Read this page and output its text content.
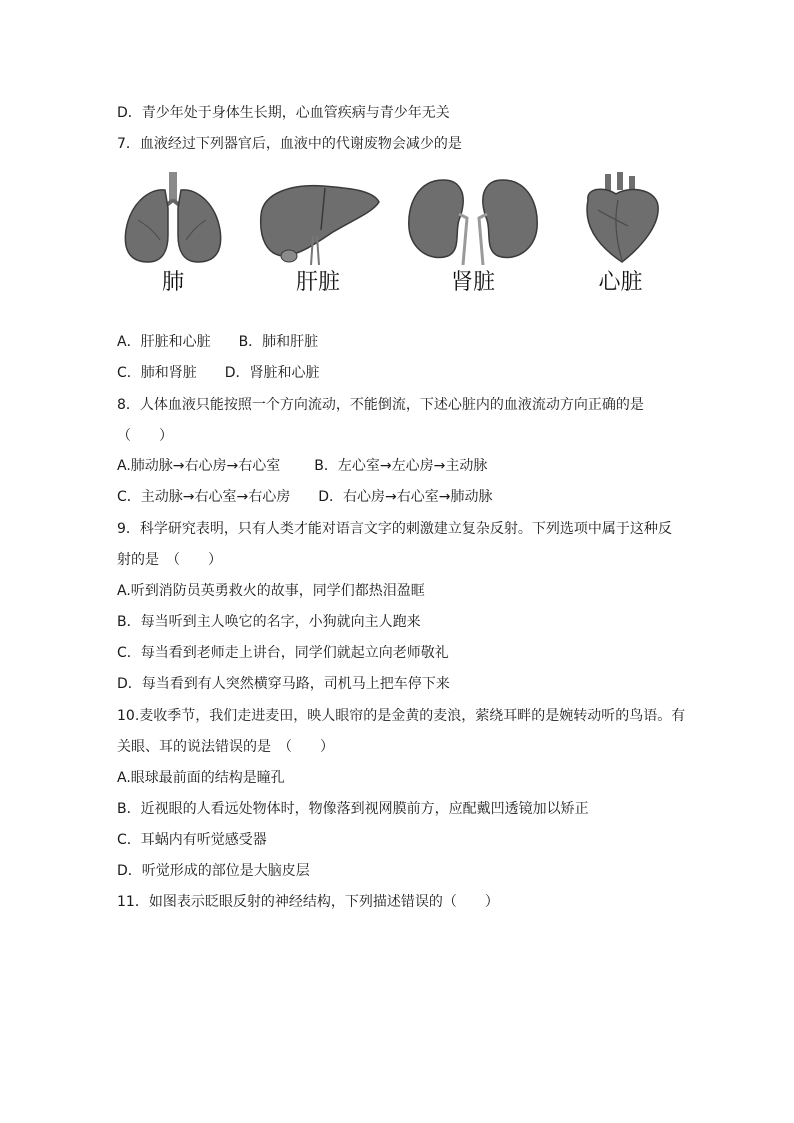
D．青少年处于身体生长期，心血管疾病与青少年无关
7．血液经过下列器官后，血液中的代谢废物会减少的是
肺	肝脏	肾脏	心脏
A．肝脏和心脏 B．肺和肝脏
C．肺和肾脏 D．肾脏和心脏
8．人体血液只能按照一个方向流动，不能倒流，下述心脏内的血液流动方向正确的是
（　　）
A.肺动脉→右心房→右心室 B．左心室→左心房→主动脉
C．主动脉→右心室→右心房 D．右心房→右心室→肺动脉
9．科学研究表明，只有人类才能对语言文字的刺激建立复杂反射。下列选项中属于这种反
射的是　（　　）
A.听到消防员英勇救火的故事，同学们都热泪盈眶
B．每当听到主人唤它的名字，小狗就向主人跑来
C．每当看到老师走上讲台，同学们就起立向老师敬礼
D．每当看到有人突然横穿马路，司机马上把车停下来
10.麦收季节，我们走进麦田，映人眼帘的是金黄的麦浪，萦绕耳畔的是婉转动听的鸟语。有
关眼、耳的说法错误的是　（　　）
A.眼球最前面的结构是瞳孔
B．近视眼的人看远处物体时，物像落到视网膜前方，应配戴凹透镜加以矫正
C．耳蜗内有听觉感受器
D．听觉形成的部位是大脑皮层
11．如图表示眨眼反射的神经结构，下列描述错误的（　　）
